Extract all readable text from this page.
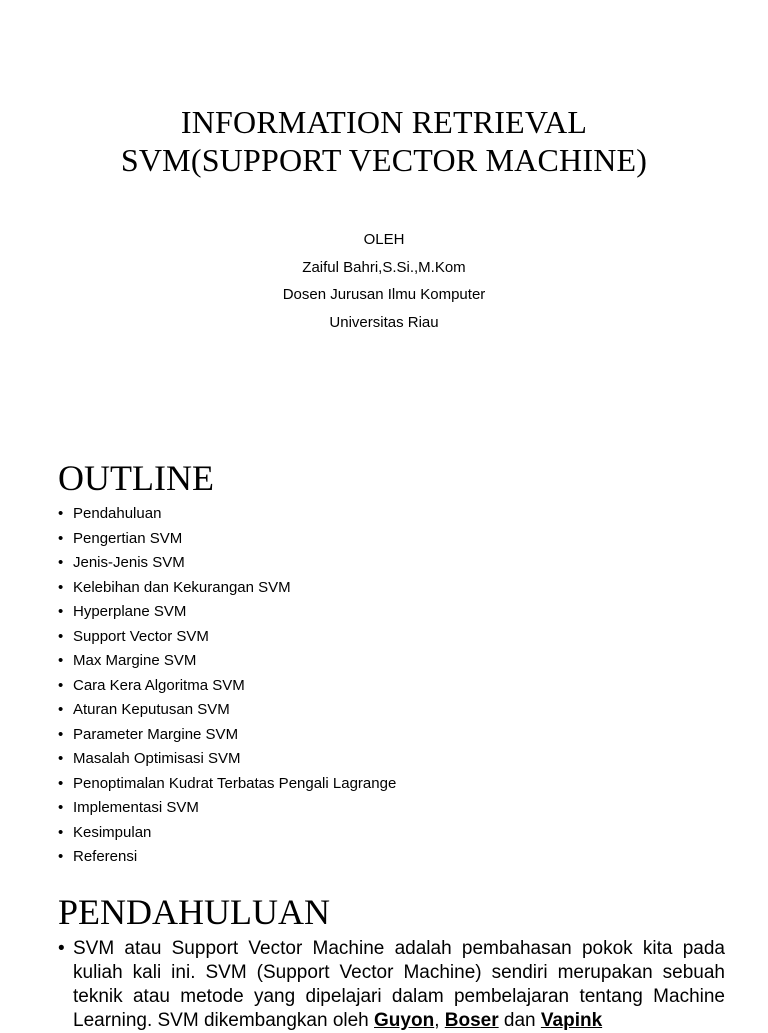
INFORMATION RETRIEVAL
SVM(SUPPORT VECTOR MACHINE)
OLEH
Zaiful Bahri,S.Si.,M.Kom
Dosen Jurusan Ilmu Komputer
Universitas Riau
OUTLINE
• Pendahuluan
• Pengertian SVM
• Jenis-Jenis SVM
• Kelebihan dan Kekurangan SVM
• Hyperplane SVM
• Support Vector SVM
• Max Margine SVM
• Cara Kera Algoritma SVM
• Aturan Keputusan SVM
• Parameter Margine SVM
• Masalah Optimisasi SVM
• Penoptimalan Kudrat Terbatas Pengali Lagrange
• Implementasi SVM
• Kesimpulan
• Referensi
PENDAHULUAN

• SVM atau Support Vector Machine adalah pembahasan pokok kita pada kuliah kali ini. SVM (Support Vector Machine) sendiri merupakan sebuah teknik atau metode yang dipelajari dalam pembelajaran tentang Machine Learning. SVM dikembangkan oleh Guyon, Boser dan Vapink
